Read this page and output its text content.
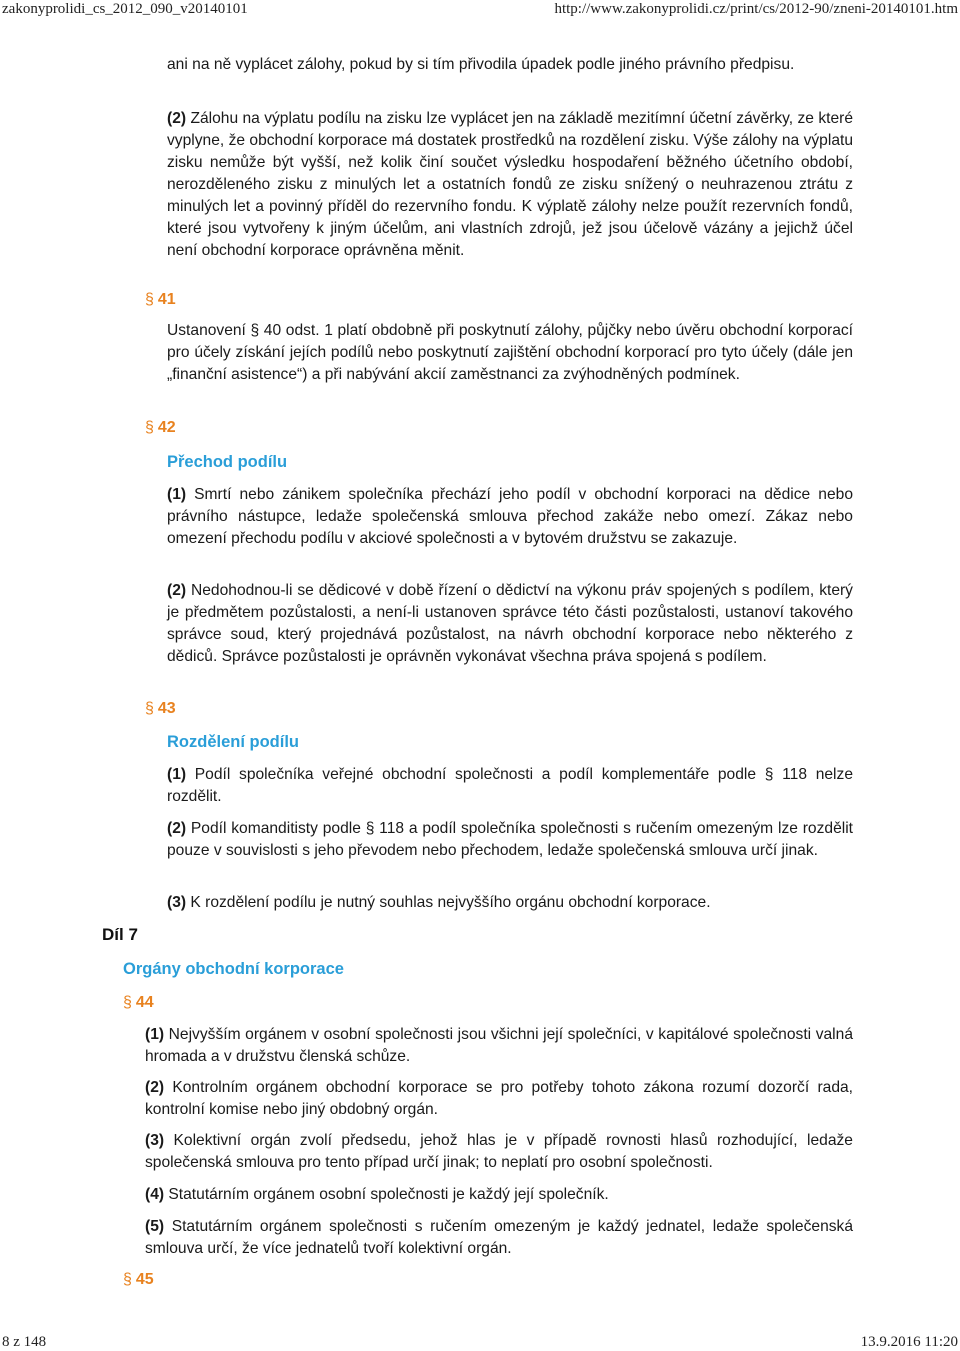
zakonyprolidi_cs_2012_090_v20140101	http://www.zakonyprolidi.cz/print/cs/2012-90/zneni-20140101.htm

ani na ně vyplácet zálohy, pokud by si tím přivodila úpadek podle jiného právního předpisu.

(2) Zálohu na výplatu podílu na zisku lze vyplácet jen na základě mezitímní účetní závěrky, ze které vyplyne, že obchodní korporace má dostatek prostředků na rozdělení zisku. Výše zálohy na výplatu zisku nemůže být vyšší, než kolik činí součet výsledku hospodaření běžného účetního období, nerozděleného zisku z minulých let a ostatních fondů ze zisku snížený o neuhrazenou ztrátu z minulých let a povinný příděl do rezervního fondu. K výplatě zálohy nelze použít rezervních fondů, které jsou vytvořeny k jiným účelům, ani vlastních zdrojů, jež jsou účelově vázány a jejichž účel není obchodní korporace oprávněna měnit.

§ 41

Ustanovení § 40 odst. 1 platí obdobně při poskytnutí zálohy, půjčky nebo úvěru obchodní korporací pro účely získání jejích podílů nebo poskytnutí zajištění obchodní korporací pro tyto účely (dále jen „finanční asistence“) a při nabývání akcií zaměstnanci za zvýhodněných podmínek.

§ 42
Přechod podílu

(1) Smrtí nebo zánikem společníka přechází jeho podíl v obchodní korporaci na dědice nebo právního nástupce, ledaže společenská smlouva přechod zakáže nebo omezí. Zákaz nebo omezení přechodu podílu v akciové společnosti a v bytovém družstvu se zakazuje.

(2) Nedohodnou-li se dědicové v době řízení o dědictví na výkonu práv spojených s podílem, který je předmětem pozůstalosti, a není-li ustanoven správce této části pozůstalosti, ustanoví takového správce soud, který projednává pozůstalost, na návrh obchodní korporace nebo některého z dědiců. Správce pozůstalosti je oprávněn vykonávat všechna práva spojená s podílem.

§ 43
Rozdělení podílu

(1) Podíl společníka veřejné obchodní společnosti a podíl komplementáře podle § 118 nelze rozdělit.

(2) Podíl komanditisty podle § 118 a podíl společníka společnosti s ručením omezeným lze rozdělit pouze v souvislosti s jeho převodem nebo přechodem, ledaže společenská smlouva určí jinak.

(3) K rozdělení podílu je nutný souhlas nejvyššího orgánu obchodní korporace.

Díl 7
Orgány obchodní korporace
§ 44

(1) Nejvyšším orgánem v osobní společnosti jsou všichni její společníci, v kapitálové společnosti valná hromada a v družstvu členská schůze.

(2) Kontrolním orgánem obchodní korporace se pro potřeby tohoto zákona rozumí dozorčí rada, kontrolní komise nebo jiný obdobný orgán.

(3) Kolektivní orgán zvolí předsedu, jehož hlas je v případě rovnosti hlasů rozhodující, ledaže společenská smlouva pro tento případ určí jinak; to neplatí pro osobní společnosti.

(4) Statutárním orgánem osobní společnosti je každý její společník.

(5) Statutárním orgánem společnosti s ručením omezeným je každý jednatel, ledaže společenská smlouva určí, že více jednatelů tvoří kolektivní orgán.

§ 45
8 z 148	13.9.2016 11:20
